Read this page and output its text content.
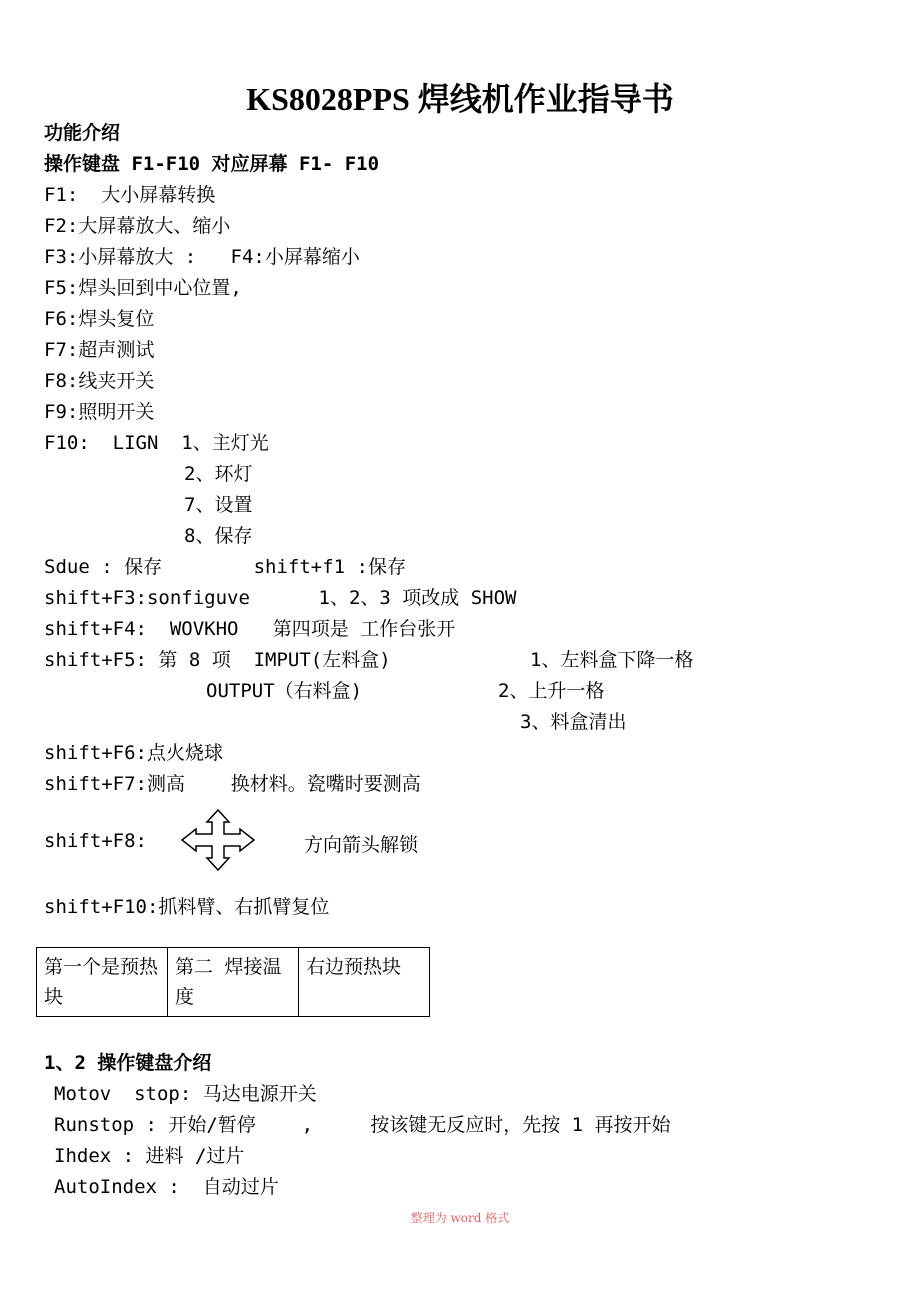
KS8028PPS 焊线机作业指导书
功能介绍
操作键盘 F1-F10 对应屏幕 F1- F10
F1:  大小屏幕转换
F2:大屏幕放大、缩小
F3:小屏幕放大 :   F4:小屏幕缩小
F5:焊头回到中心位置,
F6:焊头复位
F7:超声测试
F8:线夹开关
F9:照明开关
F10:  LIGN  1、主灯光
2、环灯
7、设置
8、保存
Sdue : 保存        shift+f1 :保存
shift+F3:sonfiguve      1、2、3 项改成 SHOW
shift+F4:  WOVKHO   第四项是 工作台张开
shift+F5: 第 8 项  IMPUT(左料盒)	1、左料盒下降一格
OUTPUT（右料盒)	2、上升一格
3、料盒清出
shift+F6:点火烧球
shift+F7:测高    换材料。瓷嘴时要测高
shift+F8:	方向箭头解锁
shift+F10:抓料臂、右抓臂复位
第一个是预热块	第二 焊接温度	右边预热块
1、2 操作键盘介绍
Motov  stop: 马达电源开关
Runstop : 开始/暂停    ,     按该键无反应时，先按 1 再按开始
Ihdex : 进料 /过片
AutoIndex :  自动过片
整理为 word 格式
